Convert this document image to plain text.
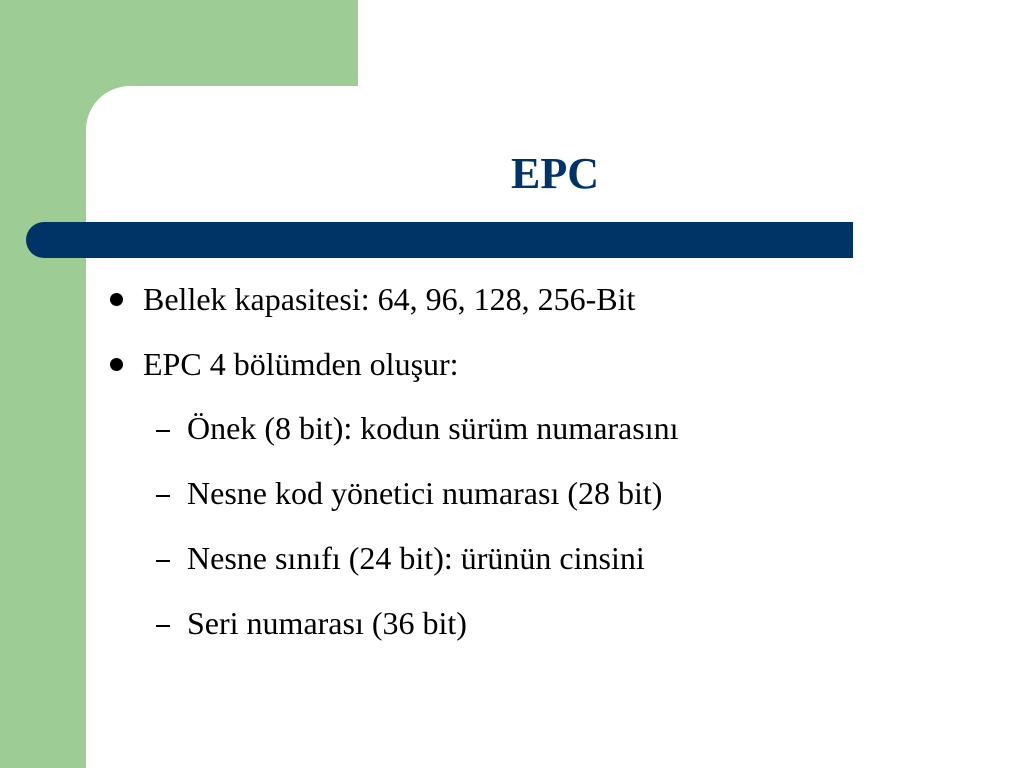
EPC
Bellek kapasitesi: 64, 96, 128, 256-Bit
EPC 4 bölümden oluşur:
Önek (8 bit): kodun sürüm numarasını
Nesne kod yönetici numarası (28 bit)
Nesne sınıfı (24 bit): ürünün cinsini
Seri numarası (36 bit)
